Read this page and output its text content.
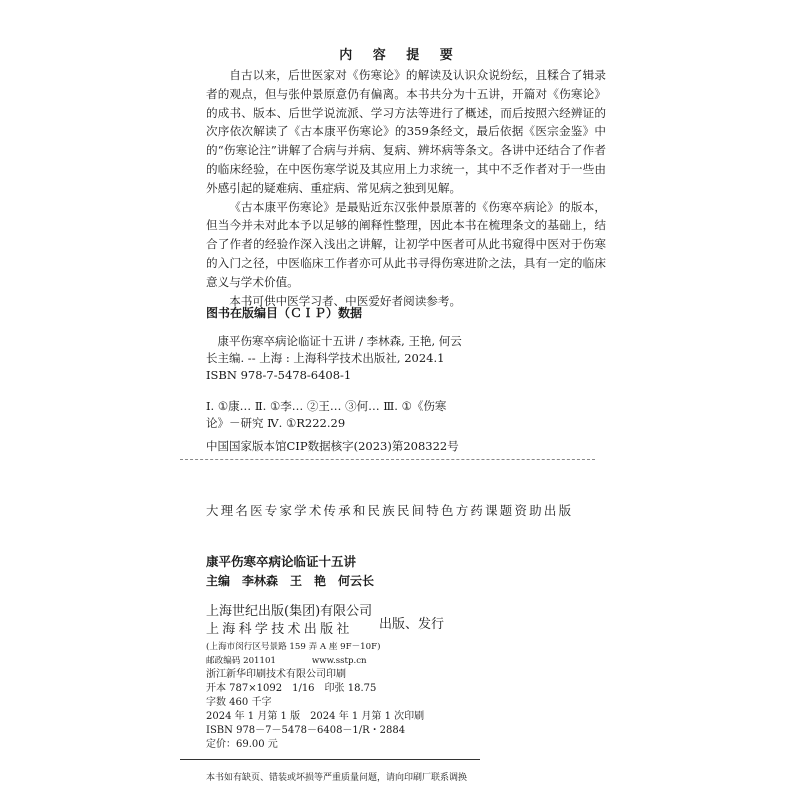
内 容 提 要

自古以来，后世医家对《伤寒论》的解读及认识众说纷纭，且糅合了辑录者的观点，但与张仲景原意仍有偏离。本书共分为十五讲，开篇对《伤寒论》的成书、版本、后世学说流派、学习方法等进行了概述，而后按照六经辨证的次序依次解读了《古本康平伤寒论》的359条经文，最后依据《医宗金鉴》中的“伤寒论注”讲解了合病与并病、复病、辨坏病等条文。各讲中还结合了作者的临床经验，在中医伤寒学说及其应用上力求统一，其中不乏作者对于一些由外感引起的疑难病、重症病、常见病之独到见解。

《古本康平伤寒论》是最贴近东汉张仲景原著的《伤寒卒病论》的版本，但当今并未对此本予以足够的阐释性整理，因此本书在梳理条文的基础上，结合了作者的经验作深入浅出之讲解，让初学中医者可从此书窥得中医对于伤寒的入门之径，中医临床工作者亦可从此书寻得伤寒进阶之法，具有一定的临床意义与学术价值。

本书可供中医学习者、中医爱好者阅读参考。

图书在版编目（ＣＩＰ）数据

康平伤寒卒病论临证十五讲 / 李林森, 王艳, 何云

长主编. -- 上海 : 上海科学技术出版社, 2024.1

ISBN 978-7-5478-6408-1

Ⅰ. ①康… Ⅱ. ①李… ②王… ③何… Ⅲ. ①《伤寒

论》－研究 Ⅳ. ①R222.29

中国国家版本馆CIP数据核字(2023)第208322号
大理名医专家学术传承和民族民间特色方药课题资助出版
康平伤寒卒病论临证十五讲
主编　李林森　王　艳　何云长
上海世纪出版(集团)有限公司
上海科学技术出版社	出版、发行

(上海市闵行区号景路 159 弄 A 座 9F－10F)

邮政编码 201101	www.sstp.cn

浙江新华印刷技术有限公司印刷

开本 787×1092　1/16　印张 18.75

字数 460 千字

2024 年 1 月第 1 版　2024 年 1 月第 1 次印刷

ISBN 978－7－5478－6408－1/R・2884

定价：69.00 元

本书如有缺页、错装或坏损等严重质量问题，请向印刷厂联系调换
